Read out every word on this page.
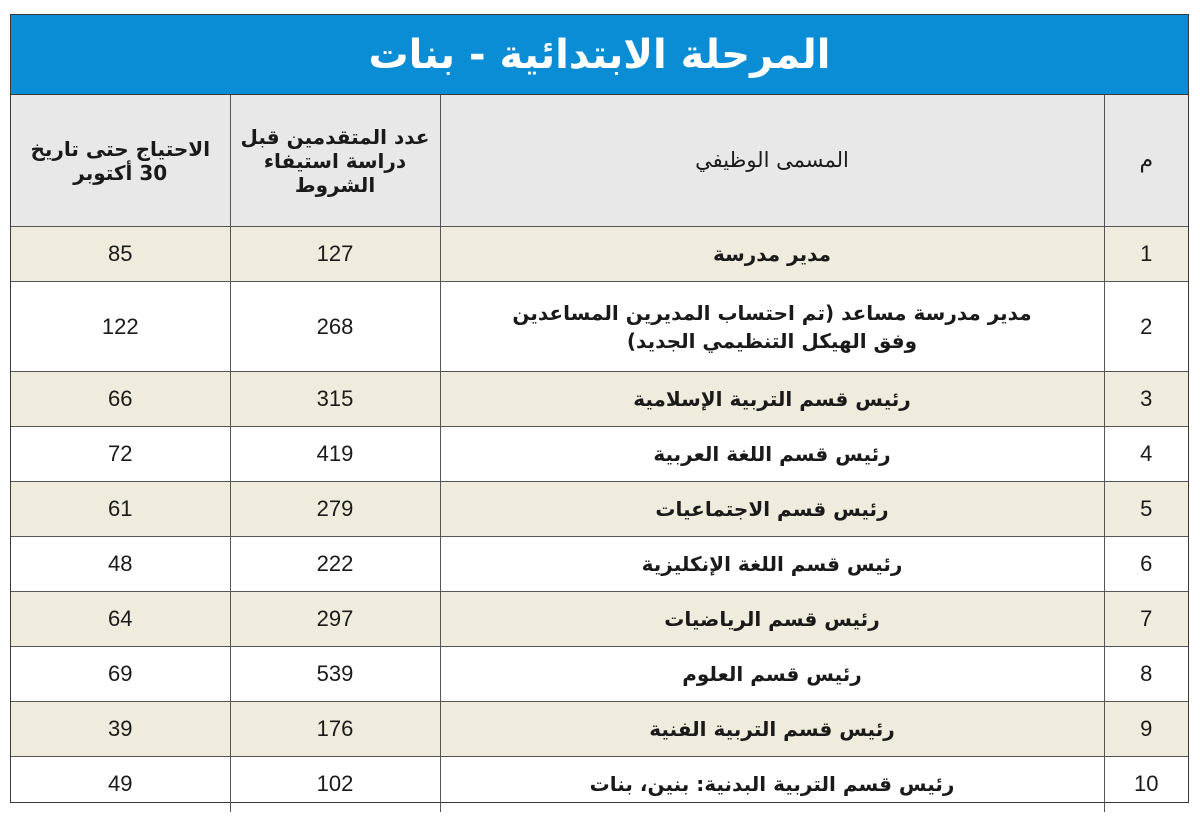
المرحلة الابتدائية - بنات
م	المسمى الوظيفي	عدد المتقدمين قبل دراسة استيفاء الشروط	الاحتياج حتى تاريخ 30 أكتوبر
1	مدير مدرسة	127	85
2	مدير مدرسة مساعد (تم احتساب المديرين المساعدين وفق الهيكل التنظيمي الجديد)	268	122
3	رئيس قسم التربية الإسلامية	315	66
4	رئيس قسم اللغة العربية	419	72
5	رئيس قسم الاجتماعيات	279	61
6	رئيس قسم اللغة الإنكليزية	222	48
7	رئيس قسم الرياضيات	297	64
8	رئيس قسم العلوم	539	69
9	رئيس قسم التربية الفنية	176	39
10	رئيس قسم التربية البدنية: بنين، بنات	102	49
